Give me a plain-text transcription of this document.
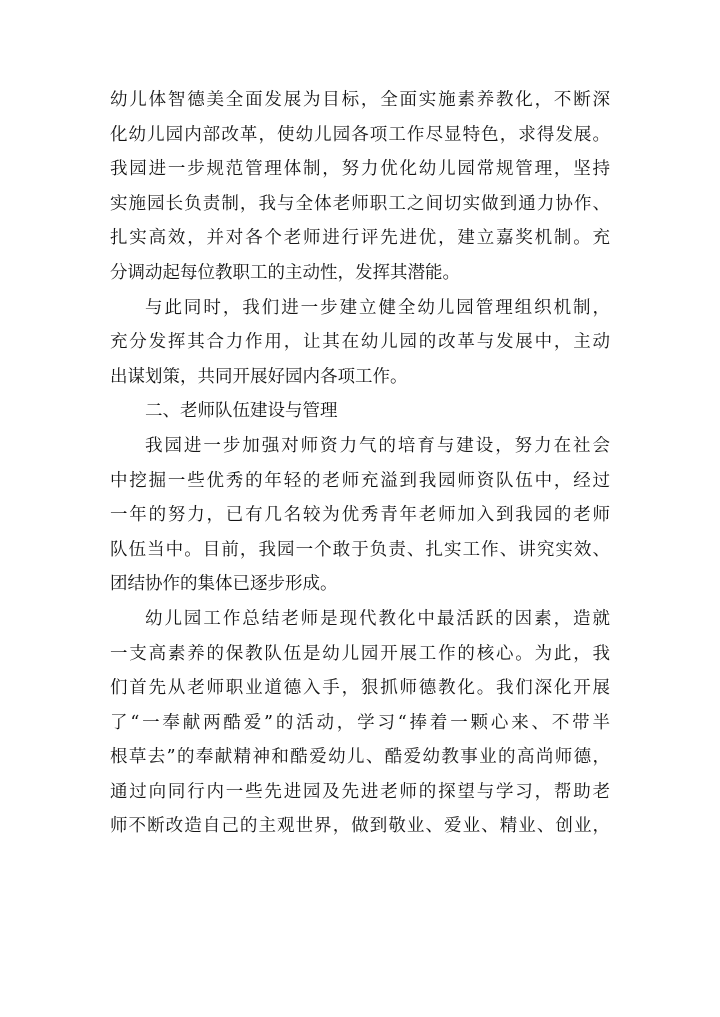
幼儿体智德美全面发展为目标，全面实施素养教化，不断深
化幼儿园内部改革，使幼儿园各项工作尽显特色，求得发展。
我园进一步规范管理体制，努力优化幼儿园常规管理，坚持
实施园长负责制，我与全体老师职工之间切实做到通力协作、
扎实高效，并对各个老师进行评先进优，建立嘉奖机制。充
分调动起每位教职工的主动性，发挥其潜能。
与此同时，我们进一步建立健全幼儿园管理组织机制，
充分发挥其合力作用，让其在幼儿园的改革与发展中，主动
出谋划策，共同开展好园内各项工作。
二、老师队伍建设与管理
我园进一步加强对师资力气的培育与建设，努力在社会
中挖掘一些优秀的年轻的老师充溢到我园师资队伍中，经过
一年的努力，已有几名较为优秀青年老师加入到我园的老师
队伍当中。目前，我园一个敢于负责、扎实工作、讲究实效、
团结协作的集体已逐步形成。
幼儿园工作总结老师是现代教化中最活跃的因素，造就
一支高素养的保教队伍是幼儿园开展工作的核心。为此，我
们首先从老师职业道德入手，狠抓师德教化。我们深化开展
了“一奉献两酷爱”的活动，学习“捧着一颗心来、不带半
根草去”的奉献精神和酷爱幼儿、酷爱幼教事业的高尚师德，
通过向同行内一些先进园及先进老师的探望与学习，帮助老
师不断改造自己的主观世界，做到敬业、爱业、精业、创业，
